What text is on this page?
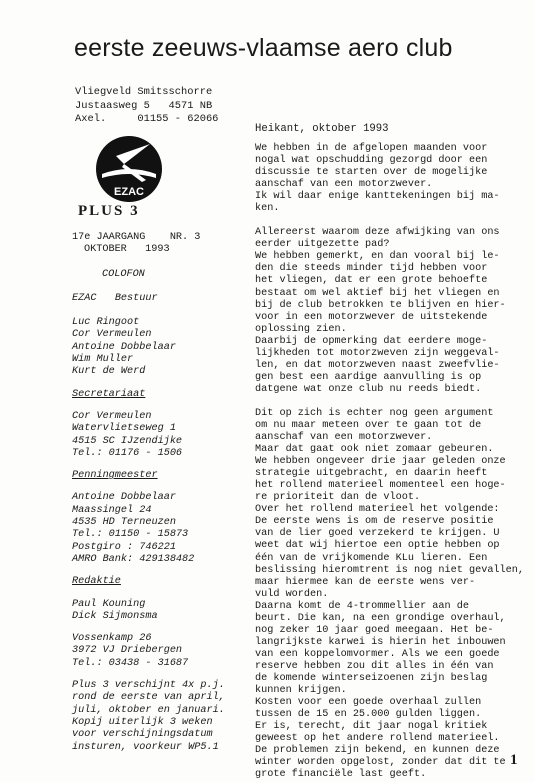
eerste zeeuws-vlaamse aero club
Vliegveld Smitsschorre
Justaasweg 5   4571 NB
Axel.     01155 - 62066
EZAC
PLUS 3
17e JAARGANG    NR. 3
OKTOBER   1993
COLOFON
EZAC Bestuur
Luc Ringoot
Cor Vermeulen
Antoine Dobbelaar
Wim Muller
Kurt de Werd
Secretariaat
Cor Vermeulen
Watervlietseweg 1
4515 SC IJzendijke
Tel.: 01176 - 1506
Penningmeester
Antoine Dobbelaar
Maassingel 24
4535 HD Terneuzen
Tel.: 01150 - 15873
Postgiro : 746221
AMRO Bank: 429138482
Redaktie
Paul Kouning
Dick Sijmonsma
Vossenkamp 26
3972 VJ Driebergen
Tel.: 03438 - 31687
Plus 3 verschijnt 4x p.j.
rond de eerste van april,
juli, oktober en januari.
Kopij uiterlijk 3 weken
voor verschijningsdatum
insturen, voorkeur WP5.1
Heikant, oktober 1993

We hebben in de afgelopen maanden voor
nogal wat opschudding gezorgd door een
discussie te starten over de mogelijke
aanschaf van een motorzwever.
Ik wil daar enige kanttekeningen bij ma-
ken.

Allereerst waarom deze afwijking van ons
eerder uitgezette pad?
We hebben gemerkt, en dan vooral bij le-
den die steeds minder tijd hebben voor
het vliegen, dat er een grote behoefte
bestaat om wel aktief bij het vliegen en
bij de club betrokken te blijven en hier-
voor in een motorzwever de uitstekende
oplossing zien.
Daarbij de opmerking dat eerdere moge-
lijkheden tot motorzweven zijn weggeval-
len, en dat motorzweven naast zweefvlie-
gen best een aardige aanvulling is op
datgene wat onze club nu reeds biedt.

Dit op zich is echter nog geen argument
om nu maar meteen over te gaan tot de
aanschaf van een motorzwever.
Maar dat gaat ook niet zomaar gebeuren.
We hebben ongeveer drie jaar geleden onze
strategie uitgebracht, en daarin heeft
het rollend materieel momenteel een hoge-
re prioriteit dan de vloot.
Over het rollend materieel het volgende:
De eerste wens is om de reserve positie
van de lier goed verzekerd te krijgen. U
weet dat wij hiertoe een optie hebben op
één van de vrijkomende KLu lieren. Een
beslissing hieromtrent is nog niet gevallen,
maar hiermee kan de eerste wens ver-
vuld worden.
Daarna komt de 4-trommellier aan de
beurt. Die kan, na een grondige overhaul,
nog zeker 10 jaar goed meegaan. Het be-
langrijkste karwei is hierin het inbouwen
van een koppelomvormer. Als we een goede
reserve hebben zou dit alles in één van
de komende winterseizoenen zijn beslag
kunnen krijgen.
Kosten voor een goede overhaal zullen
tussen de 15 en 25.000 gulden liggen.
Er is, terecht, dit jaar nogal kritiek
geweest op het andere rollend materieel.
De problemen zijn bekend, en kunnen deze
winter worden opgelost, zonder dat dit te
grote financiële last geeft.

1
